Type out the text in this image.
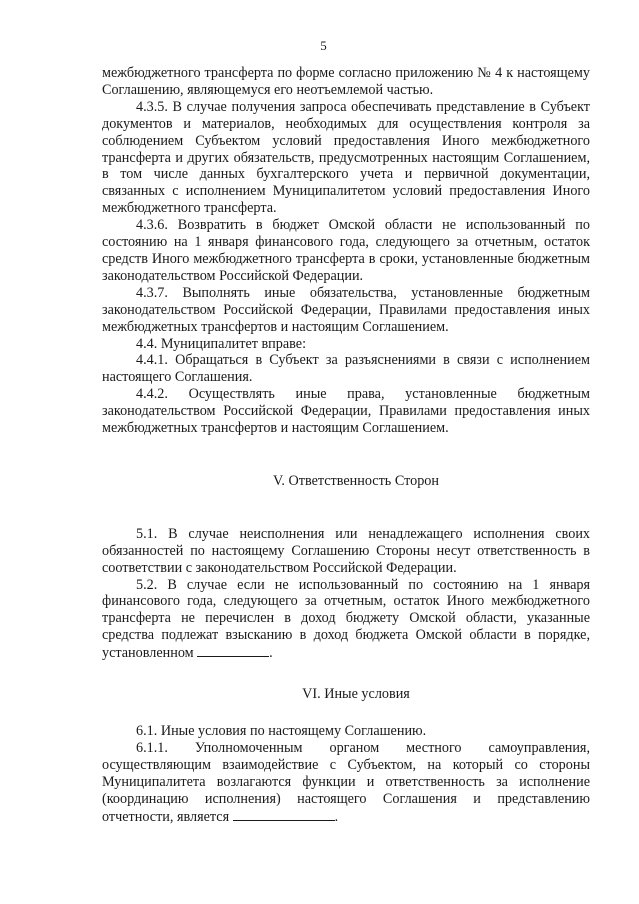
5

межбюджетного трансферта по форме согласно приложению № 4 к настоящему Соглашению, являющемуся его неотъемлемой частью.

4.3.5. В случае получения запроса обеспечивать представление в Субъект документов и материалов, необходимых для осуществления контроля за соблюдением Субъектом условий предоставления Иного межбюджетного трансферта и других обязательств, предусмотренных настоящим Соглашением, в том числе данных бухгалтерского учета и первичной документации, связанных с исполнением Муниципалитетом условий предоставления Иного межбюджетного трансферта.

4.3.6. Возвратить в бюджет Омской области не использованный по состоянию на 1 января финансового года, следующего за отчетным, остаток средств Иного межбюджетного трансферта в сроки, установленные бюджетным законодательством Российской Федерации.

4.3.7. Выполнять иные обязательства, установленные бюджетным законодательством Российской Федерации, Правилами предоставления иных межбюджетных трансфертов и настоящим Соглашением.

4.4. Муниципалитет вправе:

4.4.1. Обращаться в Субъект за разъяснениями в связи с исполнением настоящего Соглашения.

4.4.2. Осуществлять иные права, установленные бюджетным законодательством Российской Федерации, Правилами предоставления иных межбюджетных трансфертов и настоящим Соглашением.

V. Ответственность Сторон

5.1. В случае неисполнения или ненадлежащего исполнения своих обязанностей по настоящему Соглашению Стороны несут ответственность в соответствии с законодательством Российской Федерации.

5.2. В случае если не использованный по состоянию на 1 января финансового года, следующего за отчетным, остаток Иного межбюджетного трансферта не перечислен в доход бюджету Омской области, указанные средства подлежат взысканию в доход бюджета Омской области в порядке, установленном	.

VI. Иные условия

6.1. Иные условия по настоящему Соглашению.

6.1.1. Уполномоченным органом местного самоуправления, осуществляющим взаимодействие с Субъектом, на который со стороны Муниципалитета возлагаются функции и ответственность за исполнение (координацию исполнения) настоящего Соглашения и представлению отчетности, является	.
